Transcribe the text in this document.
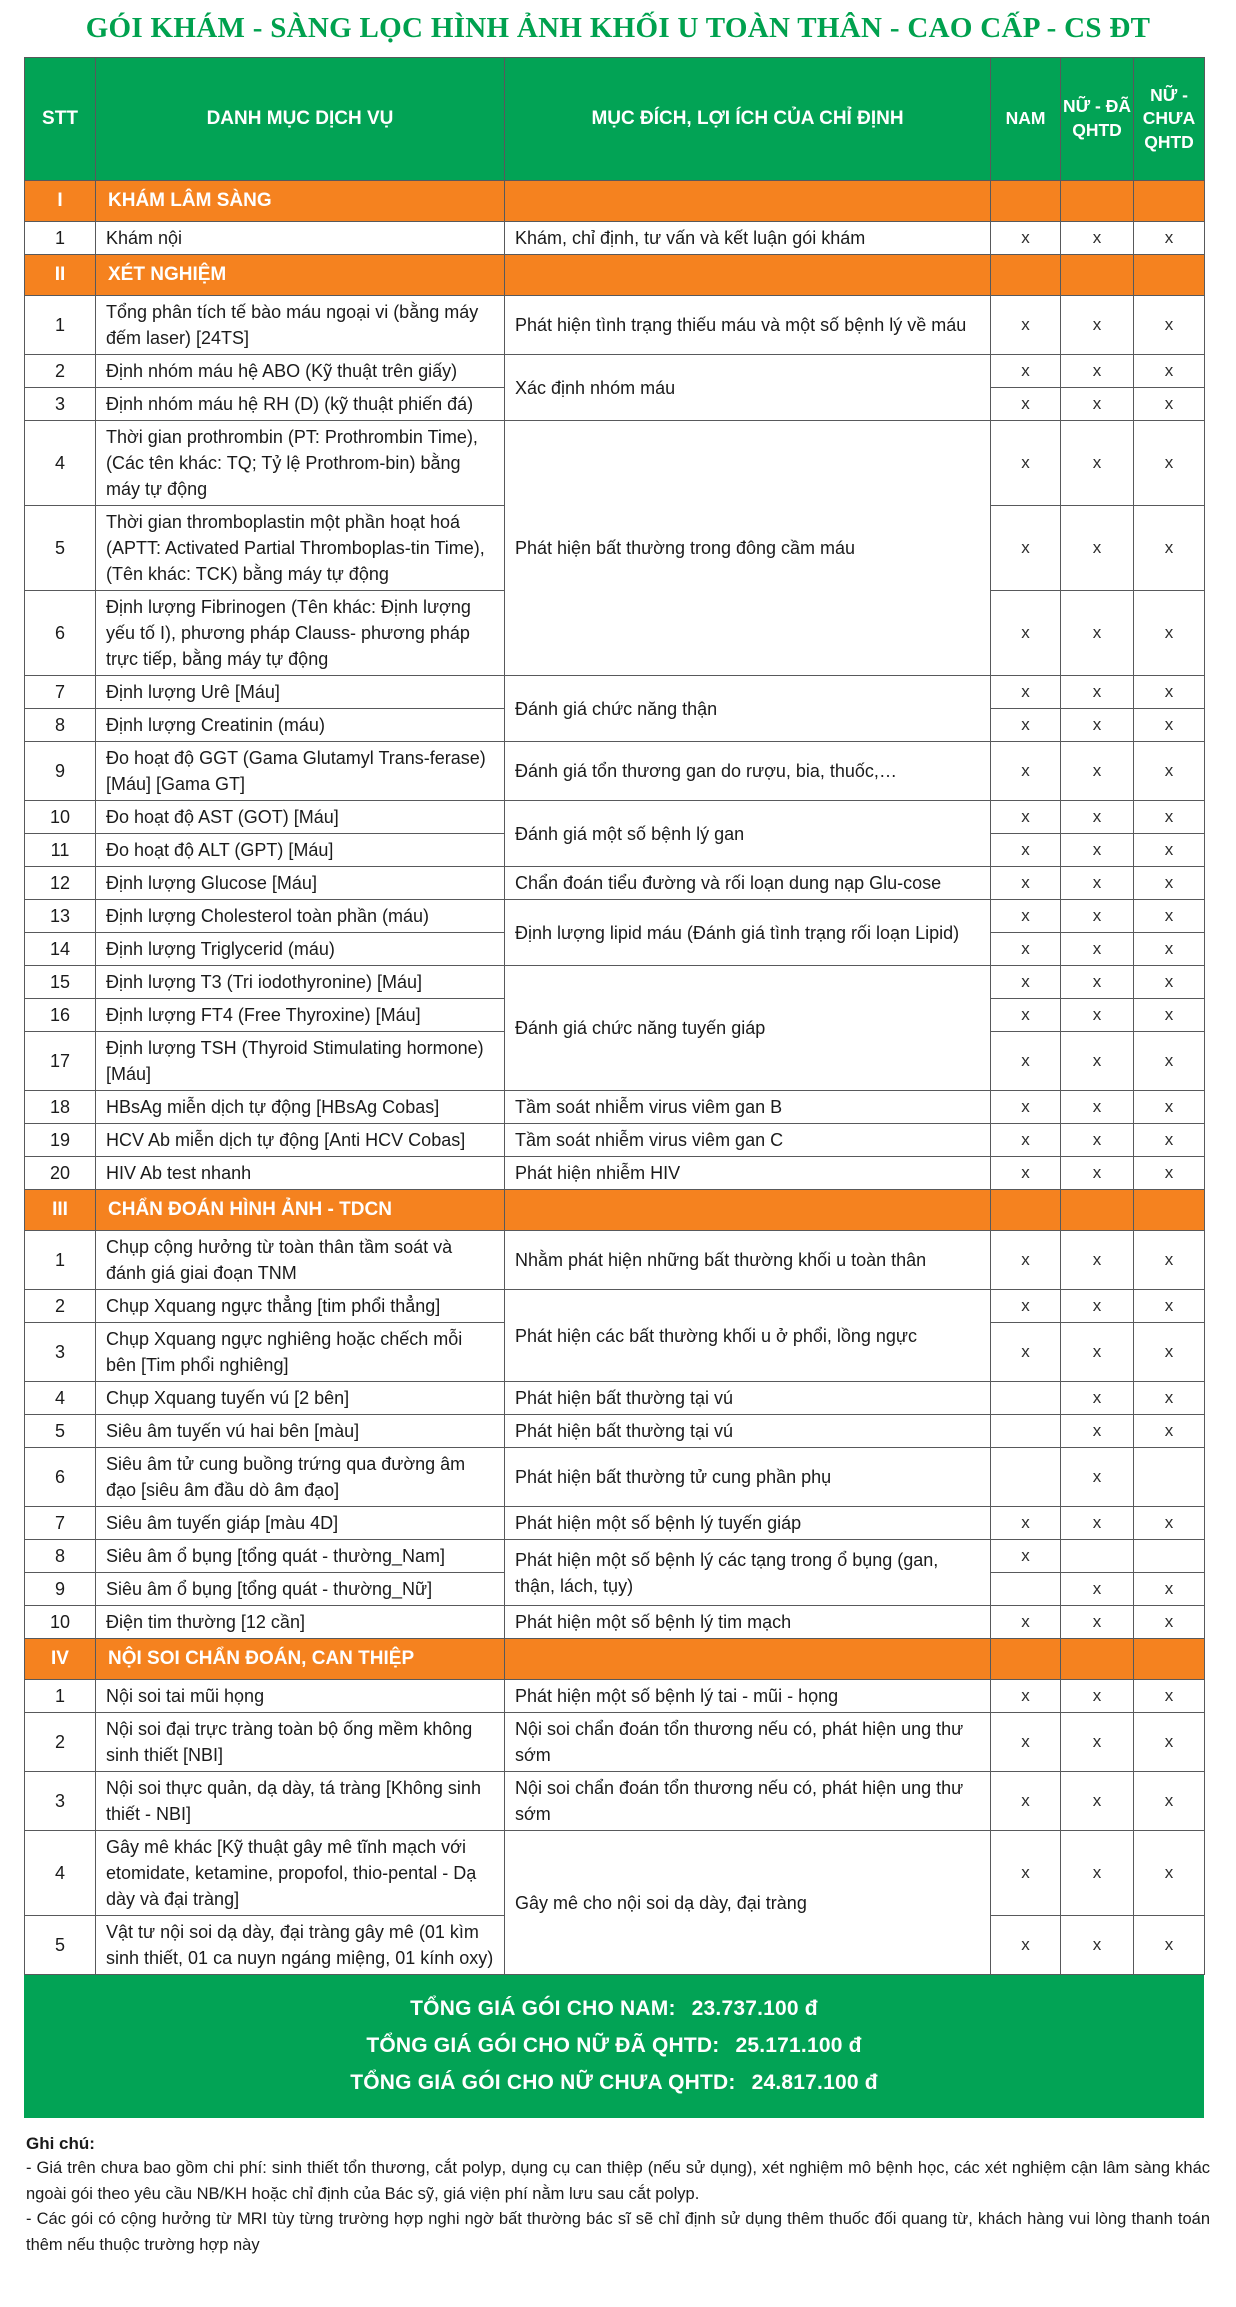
GÓI KHÁM - SÀNG LỌC HÌNH ẢNH KHỐI U TOÀN THÂN - CAO CẤP - CS ĐT
STT	DANH MỤC DỊCH VỤ	MỤC ĐÍCH, LỢI ÍCH CỦA CHỈ ĐỊNH	NAM	NỮ - ĐÃ QHTD	NỮ - CHƯA QHTD
I	KHÁM LÂM SÀNG				
1	Khám nội	Khám, chỉ định, tư vấn và kết luận gói khám	x	x	x
II	XÉT NGHIỆM				
1	Tổng phân tích tế bào máu ngoại vi (bằng máy đếm laser) [24TS]	Phát hiện tình trạng thiếu máu và một số bệnh lý về máu	x	x	x
2	Định nhóm máu hệ ABO (Kỹ thuật trên giấy)	Xác định nhóm máu	x	x	x
3	Định nhóm máu hệ RH (D) (kỹ thuật phiến đá)		x	x	x
4	Thời gian prothrombin (PT: Prothrombin Time), (Các tên khác: TQ; Tỷ lệ Prothrom-bin) bằng máy tự động	Phát hiện bất thường trong đông cầm máu	x	x	x
5	Thời gian thromboplastin một phần hoạt hoá (APTT: Activated Partial Thromboplas-tin Time), (Tên khác: TCK) bằng máy tự động		x	x	x
6	Định lượng Fibrinogen (Tên khác: Định lượng yếu tố I), phương pháp Clauss- phương pháp trực tiếp, bằng máy tự động		x	x	x
7	Định lượng Urê [Máu]	Đánh giá chức năng thận	x	x	x
8	Định lượng Creatinin (máu)		x	x	x
9	Đo hoạt độ GGT (Gama Glutamyl Trans-ferase) [Máu] [Gama GT]	Đánh giá tổn thương gan do rượu, bia, thuốc,…	x	x	x
10	Đo hoạt độ AST (GOT) [Máu]	Đánh giá một số bệnh lý gan	x	x	x
11	Đo hoạt độ ALT (GPT) [Máu]		x	x	x
12	Định lượng Glucose [Máu]	Chẩn đoán tiểu đường và rối loạn dung nạp Glu-cose	x	x	x
13	Định lượng Cholesterol toàn phần (máu)	Định lượng lipid máu (Đánh giá tình trạng rối loạn Lipid)	x	x	x
14	Định lượng Triglycerid (máu)		x	x	x
15	Định lượng T3 (Tri iodothyronine) [Máu]	Đánh giá chức năng tuyến giáp	x	x	x
16	Định lượng FT4 (Free Thyroxine) [Máu]		x	x	x
17	Định lượng TSH (Thyroid Stimulating hormone) [Máu]		x	x	x
18	HBsAg miễn dịch tự động [HBsAg Cobas]	Tầm soát nhiễm virus viêm gan B	x	x	x
19	HCV Ab miễn dịch tự động [Anti HCV Cobas]	Tầm soát nhiễm virus viêm gan C	x	x	x
20	HIV Ab test nhanh	Phát hiện nhiễm HIV	x	x	x
III	CHẨN ĐOÁN HÌNH ẢNH - TDCN				
1	Chụp cộng hưởng từ toàn thân tầm soát và đánh giá giai đoạn TNM	Nhằm phát hiện những bất thường khối u toàn thân	x	x	x
2	Chụp Xquang ngực thẳng [tim phổi thẳng]	Phát hiện các bất thường khối u ở phổi, lồng ngực	x	x	x
3	Chụp Xquang ngực nghiêng hoặc chếch mỗi bên [Tim phổi nghiêng]		x	x	x
4	Chụp Xquang tuyến vú [2 bên]	Phát hiện bất thường tại vú		x	x
5	Siêu âm tuyến vú hai bên [màu]	Phát hiện bất thường tại vú		x	x
6	Siêu âm tử cung buồng trứng qua đường âm đạo [siêu âm đầu dò âm đạo]	Phát hiện bất thường tử cung phần phụ		x	
7	Siêu âm tuyến giáp [màu 4D]	Phát hiện một số bệnh lý tuyến giáp	x	x	x
8	Siêu âm ổ bụng [tổng quát - thường_Nam]	Phát hiện một số bệnh lý các tạng trong ổ bụng (gan, thận, lách, tụy)	x		
9	Siêu âm ổ bụng [tổng quát - thường_Nữ]			x	x
10	Điện tim thường [12 cần]	Phát hiện một số bệnh lý tim mạch	x	x	x
IV	NỘI SOI CHẨN ĐOÁN, CAN THIỆP				
1	Nội soi tai mũi họng	Phát hiện một số bệnh lý tai - mũi - họng	x	x	x
2	Nội soi đại trực tràng toàn bộ ống mềm không sinh thiết [NBI]	Nội soi chẩn đoán tổn thương nếu có, phát hiện ung thư sớm	x	x	x
3	Nội soi thực quản, dạ dày, tá tràng [Không sinh thiết - NBI]	Nội soi chẩn đoán tổn thương nếu có, phát hiện ung thư sớm	x	x	x
4	Gây mê khác [Kỹ thuật gây mê tĩnh mạch với etomidate, ketamine, propofol, thio-pental - Dạ dày và đại tràng]	Gây mê cho nội soi dạ dày, đại tràng	x	x	x
5	Vật tư nội soi dạ dày, đại tràng gây mê (01 kìm sinh thiết, 01 ca nuyn ngáng miệng, 01 kính oxy)		x	x	x
TỔNG GIÁ GÓI CHO NAM: 23.737.100 đ
TỔNG GIÁ GÓI CHO NỮ ĐÃ QHTD: 25.171.100 đ
TỔNG GIÁ GÓI CHO NỮ CHƯA QHTD: 24.817.100 đ
Ghi chú:
- Giá trên chưa bao gồm chi phí: sinh thiết tổn thương, cắt polyp, dụng cụ can thiệp (nếu sử dụng), xét nghiệm mô bệnh học, các xét nghiệm cận lâm sàng khác ngoài gói theo yêu cầu NB/KH hoặc chỉ định của Bác sỹ, giá viện phí nằm lưu sau cắt polyp.
- Các gói có cộng hưởng từ MRI tùy từng trường hợp nghi ngờ bất thường bác sĩ sẽ chỉ định sử dụng thêm thuốc đối quang từ, khách hàng vui lòng thanh toán thêm nếu thuộc trường hợp này
